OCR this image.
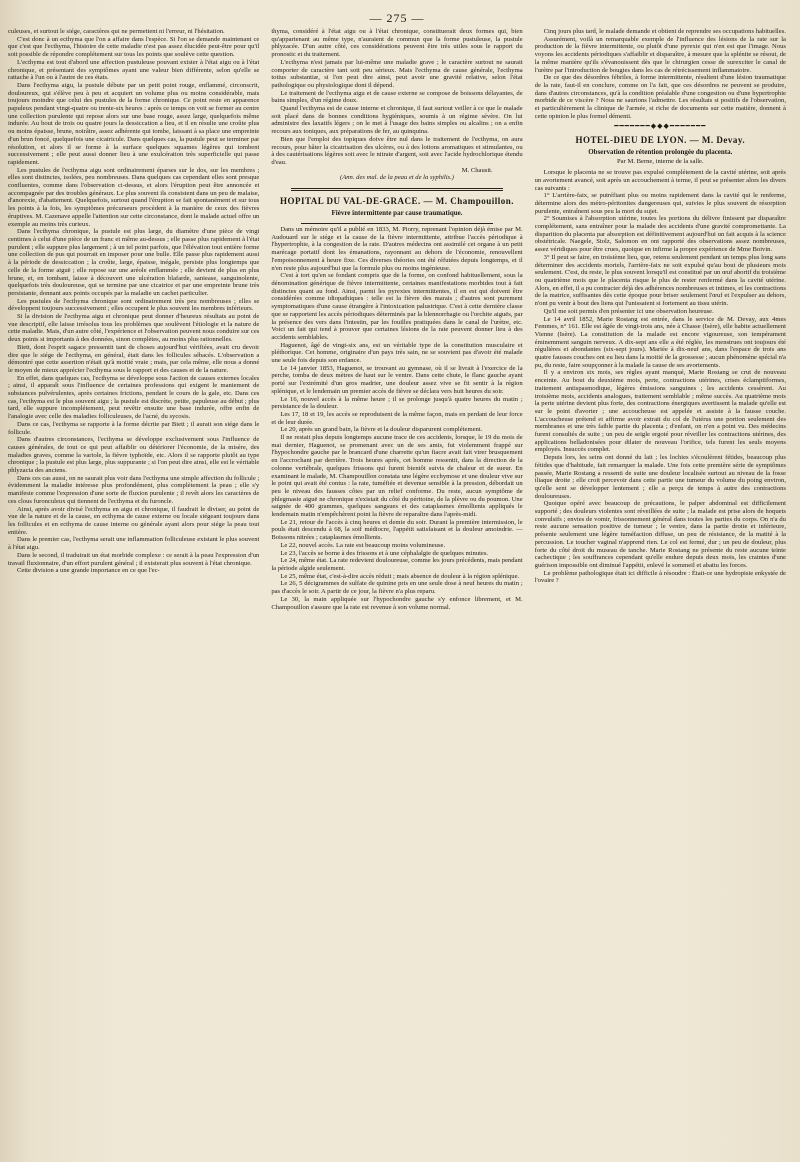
— 275 —

culeuses, et surtout le siége, caractères qui ne permettent ni l'erreur, ni l'hésitation.

C'est donc à un ecthyma que l'on a affaire dans l'espèce. Si l'on se demande maintenant ce que c'est que l'ecthyma, l'histoire de cette maladie n'est pas assez élucidée peut-être pour qu'il soit possible de répondre complétement sur tous les points que soulève cette question.

L'ecthyma est tout d'abord une affection pustuleuse pouvant exister à l'état aigu ou à l'état chronique, et présentant des symptômes ayant une valeur bien différente, selon qu'elle se rattache à l'un ou à l'autre de ces états.

Dans l'ecthyma aigu, la pustule débute par un petit point rouge, enflammé, circonscrit, douloureux, qui s'élève peu à peu et acquiert un volume plus ou moins considérable, mais toujours moindre que celui des pustules de la forme chronique. Ce point reste en apparence papuleux pendant vingt-quatre ou trente-six heures : après ce temps on voit se former au centre une collection purulente qui repose alors sur une base rouge, assez large, quelquefois même indurée. Au bout de trois ou quatre jours la dessiccation a lieu, et il en résulte une croûte plus ou moins épaisse, brune, noirâtre, assez adhérente qui tombe, laissant à sa place une empreinte d'un brun foncé, quelquefois une cicatricule. Dans quelques cas, la pustule peut se terminer par résolution, et alors il se forme à la surface quelques squames légères qui tombent successivement ; elle peut aussi donner lieu à une exulcération très superficielle qui passe rapidement.

Les pustules de l'ecthyma aigu sont ordinairement éparses sur le dos, sur les membres ; elles sont distinctes, isolées, peu nombreuses. Dans quelques cas cependant elles sont presque confluentes, comme dans l'observation ci-dessus, et alors l'éruption peut être annoncée et accompagnée par des troubles généraux. Le plus souvent ils consistent dans un peu de malaise, d'anorexie, d'abattement. Quelquefois, surtout quand l'éruption se fait spontanément et sur tous les points à la fois, les symptômes précurseurs procèdent à la manière de ceux des fièvres éruptives. M. Cazenave appelle l'attention sur cette circonstance, dont le malade actuel offre un exemple au moins très curieux.

Dans l'ecthyma chronique, la pustule est plus large, du diamètre d'une pièce de vingt centimes à celui d'une pièce de un franc et même au-dessus ; elle passe plus rapidement à l'état purulent ; elle suppure plus largement ; à un tel point parfois, que l'élévation tout entière forme une collection de pus qui pourrait en imposer pour une bulle. Elle passe plus rapidement aussi à la période de dessiccation ; la croûte, large, épaisse, inégale, persiste plus longtemps que celle de la forme aiguë ; elle repose sur une aréole enflammée ; elle devient de plus en plus brune, et, en tombant, laisse à découvert une ulcération blafarde, saniease, sanguinolente, quelquefois très douloureuse, qui se termine par une cicatrice et par une empreinte brune très persistante, donnant aux points occupés par la maladie un cachet particulier.

Les pustules de l'ecthyma chronique sont ordinairement très peu nombreuses ; elles se développent toujours successivement ; elles occupent le plus souvent les membres inférieurs.

Si la division de l'ecthyma aigu et chronique peut donner d'heureux résultats au point de vue descriptif, elle laisse irrésolus tous les problèmes que soulèvent l'étiologie et la nature de cette maladie. Mais, d'un autre côté, l'expérience et l'observation peuvent nous conduire sur ces deux points si importants à des données, sinon complètes, au moins plus rationnelles.

Biett, dont l'esprit sagace pressentit tant de choses aujourd'hui vérifiées, avait cru devoir dire que le siége de l'ecthyma, en général, était dans les follicules sébacés. L'observation a démontré que cette assertion n'était qu'à moitié vraie ; mais, par cela même, elle nous a donné le moyen de mieux apprécier l'ecthyma sous le rapport et des causes et de la nature.

En effet, dans quelques cas, l'ecthyma se développe sous l'action de causes externes locales ; ainsi, il apparaît sous l'influence de certaines professions qui exigent le maniement de substances pulvérulentes, après certaines frictions, pendant le cours de la gale, etc. Dans ces cas, l'ecthyma est le plus souvent aigu ; la pustule est discrète, petite, papuleuse au début ; plus tard, elle suppure incomplétement, peut revêtir ensuite une base indurée, offre enfin de l'analogie avec celle des maladies folliculeuses, de l'acné, du sycosis.

Dans ce cas, l'ecthyma se rapporte à la forme décrite par Biett ; il aurait son siége dans le follicule.

Dans d'autres circonstances, l'ecthyma se développe exclusivement sous l'influence de causes générales, de tout ce qui peut affaiblir ou détériorer l'économie, de la misère, des maladies graves, comme la variole, la fièvre typhoïde, etc. Alors il se rapporte plutôt au type chronique ; la pustule est plus large, plus suppurante ; si l'on peut dire ainsi, elle est le véritable phlyzacia des anciens.

Dans ces cas aussi, on ne saurait plus voir dans l'ecthyma une simple affection du follicule ; évidemment la maladie intéresse plus profondément, plus complètement la peau ; elle s'y manifeste comme l'expression d'une sorte de fluxion purulente ; il revêt alors les caractères de ces clous furonculeux qui tiennent de l'ecthyma et du furoncle.

Ainsi, après avoir divisé l'ecthyma en aigu et chronique, il faudrait le diviser, au point de vue de la nature et de la cause, en ecthyma de cause externe ou locale siégeant toujours dans les follicules et en ecthyma de cause interne ou générale ayant alors pour siége la peau tout entière.

Dans le premier cas, l'ecthyma serait une inflammation folliculeuse existant le plus souvent à l'état aigu.

Dans le second, il traduirait un état morbide complexe : ce serait à la peau l'expression d'un travail fluxionnaire, d'un effort purulent général ; il existerait plus souvent à l'état chronique.

Cette division a une grande importance en ce que l'ec-

thyma, considéré à l'état aigu ou à l'état chronique, constituerait deux formes qui, bien qu'appartenant au même type, n'auraient de commun que la forme pustuleuse, la pustule phlyzacée. D'un autre côté, ces considérations peuvent être très utiles sous le rapport du pronostic et du traitement.

L'ecthyma n'est jamais par lui-même une maladie grave ; le caractère surtout ne saurait comporter de caractère tant soit peu sérieux. Mais l'ecthyma de cause générale, l'ecthyma totius substantiæ, si l'on peut dire ainsi, peut avoir une gravité relative, selon l'état pathologique ou physiologique dont il dépend.

Le traitement de l'ecthyma aigu et de cause externe se compose de boissons délayantes, de bains simples, d'un régime doux.

Quand l'ecthyma est de cause interne et chronique, il faut surtout veiller à ce que le malade soit placé dans de bonnes conditions hygiéniques, soumis à un régime sévère. On lui administre des laxatifs légers ; on le met à l'usage des bains simples ou alcalins ; on a enfin recours aux toniques, aux préparations de fer, au quinquina.

Bien que l'emploi des topiques doive être nul dans le traitement de l'ecthyma, on aura recours, pour hâter la cicatrisation des ulcères, ou à des lotions aromatiques et stimulantes, ou à des cautérisations légères soit avec le nitrate d'argent, soit avec l'acide hydrochlorique étendu d'eau.

M. Chausit.
(Ann. des mal. de la peau et de la syphilis.)
HOPITAL DU VAL-DE-GRACE. — M. Champouillon.
Fièvre intermittente par cause traumatique.

Dans un mémoire qu'il a publié en 1833, M. Piorry, reprenant l'opinion déjà émise par M. Audouard sur le siége et la cause de la fièvre intermittente, attribue l'accès périodique à l'hypertrophie, à la congestion de la rate. D'autres médecins ont assimilé cet organe à un petit marécage portatif dont les émanations, rayonnant au dehors de l'économie, renouvellent l'empoisonnement à heure fixe. Ces diverses théories ont été réfutées depuis longtemps, et il n'en reste plus aujourd'hui que la formule plus ou moins ingénieuse.

C'est à tort qu'en se fondant compris que de la forme, on confond habituellement, sous la dénomination générique de fièvre intermittente, certaines manifestations morbides tout à fait distinctes quant au fond. Ainsi, parmi les pyrexies intermittentes, il en est qui doivent être considérées comme idiopathiques : telle est la fièvre des marais ; d'autres sont purement symptomatiques d'une cause étrangère à l'intoxication palustrique. C'est à cette dernière classe que se rapportent les accès périodiques déterminés par la blennorrhagie ou l'orchite aiguës, par la présence des vers dans l'intestin, par les fouilles pratiquées dans le canal de l'urètre, etc. Voici un fait qui tend à prouver que certaines lésions de la rate peuvent donner lieu à des accidents semblables.

Haguenot, âgé de vingt-six ans, est un véritable type de la constitution musculaire et pléthorique. Cet homme, originaire d'un pays très sain, ne se souvient pas d'avoir été malade une seule fois depuis son enfance.

Le 14 janvier 1853, Haguenot, se trouvant au gymnase, où il se livrait à l'exercice de la perche, tomba de deux mètres de haut sur le ventre. Dans cette chute, le flanc gauche ayant porté sur l'extrémité d'un gros madrier, une douleur assez vive se fit sentir à la région splénique, et le lendemain un premier accès de fièvre se déclara vers huit heures du soir.

Le 16, nouvel accès à la même heure ; il se prolonge jusqu'à quatre heures du matin ; persistance de la douleur.

Les 17, 18 et 19, les accès se reproduisent de la même façon, mais en perdant de leur force et de leur durée.

Le 20, après un grand bain, la fièvre et la douleur disparurent complétement.

Il ne restait plus depuis longtemps aucune trace de ces accidents, lorsque, le 19 du mois de mai dernier, Haguenot, se promenant avec un de ses amis, fut violemment frappé sur l'hypochondre gauche par le brancard d'une charrette qu'un fiacre avait fait virer brusquement en l'accrochant par derrière. Trois heures après, cet homme ressentit, dans la direction de la colonne vertébrale, quelques frissons qui furent bientôt suivis de chaleur et de sueur. En examinant le malade, M. Champouillon constata une légère ecchymose et une douleur vive sur le point qui avait été contus : la rate, tuméfiée et devenue sensible à la pression, débordait un peu le niveau des fausses côtes par un relief conforme. Du reste, aucun symptôme de phlegmasie aiguë ne chronique n'existait du côté du péritoine, de la plèvre ou du poumon. Une saignée de 400 grammes, quelques sangsues et des cataplasmes émollients appliqués le lendemain matin n'empêchèrent point la fièvre de reparaître dans l'après-midi.

Le 21, retour de l'accès à cinq heures et demie du soir. Durant la première intermission, le pouls était descendu à 68, la soif médiocre, l'appétit satisfaisant et la douleur amoindrie. — Boissons nitrées ; cataplasmes émollients.

Le 22, nouvel accès. La rate est beaucoup moins volumineuse.

Le 23, l'accès se borne à des frissons et à une céphalalgie de quelques minutes.

Le 24, même état. La rate redevient douloureuse, comme les jours précédents, mais pendant la période algide seulement.

Le 25, même état, c'est-à-dire accès réduit ; mais absence de douleur à la région splénique.

Le 26, 5 décigrammes de sulfate de quinine pris en une seule dose à neuf heures du matin ; pas d'accès le soir. A partir de ce jour, la fièvre n'a plus reparu.

Le 30, la main appliquée sur l'hypochondre gauche s'y enfonce librement, et M. Champouillon s'assure que la rate est revenue à son volume normal.

Cinq jours plus tard, le malade demande et obtient de reprendre ses occupations habituelles.

Assurément, voilà un remarquable exemple de l'influence des lésions de la rate sur la production de la fièvre intermittente, ou plutôt d'une pyrexie qui n'en est que l'image. Nous voyons les accidents périodiques s'affaiblir et disparaître, à mesure que la splénite se résout, de la même manière qu'ils s'évanouissent dès que le chirurgien cesse de surexciter le canal de l'urètre par l'introduction de bougies dans les cas de rétrécissement inflammatoire.

De ce que des désordres fébriles, à forme intermittente, résultent d'une lésion traumatique de la rate, faut-il en conclure, comme on l'a fait, que ces désordres ne peuvent se produire, dans d'autres circonstances, qu'à la condition préalable d'une congestion ou d'une hypertrophie morbide de ce viscère ? Nous ne saurions l'admettre. Les résultats si positifs de l'observation, et particulièrement la clinique de l'armée, si riche de documents sur cette matière, donnent à cette opinion le plus formel démenti.

━━━━━━━◆◆◆━━━━━━━
HOTEL-DIEU DE LYON. — M. Devay.
Observation de rétention prolongée du placenta.
Par M. Berne, interne de la salle.

Lorsque le placenta ne se trouve pas expulsé complétement de la cavité utérine, soit après un avortement avancé, soit après un accouchement à terme, il peut se présenter alors les divers cas suivants :

1° L'arrière-faix, se putréfiant plus ou moins rapidement dans la cavité qui le renferme, détermine alors des métro-péritonites dangereuses qui, suivies le plus souvent de résorption purulente, entraînent sous peu la mort du sujet.

2° Soumises à l'absorption utérine, toutes les portions du délivre finissent par disparaître complétement, sans entraîner pour la malade des accidents d'une gravité compromettante. La disparition du placenta par absorption est définitivement aujourd'hui un fait acquis à la science obstétricale. Naegele, Stolz, Salomon en ont rapporté des observations assez nombreuses, assez véridiques pour être crues, quoique en infirme la propre expérience de Mme Boivin.

3° Il peut se faire, en troisième lieu, que, retenu seulement pendant un temps plus long sans déterminer des accidents mortels, l'arrière-faix ne soit expulsé qu'au bout de plusieurs mois seulement. C'est, du reste, le plus souvent lorsqu'il est constitué par un œuf abortif du troisième ou quatrième mois que le placenta risque le plus de rester renfermé dans la cavité utérine. Alors, en effet, il a pu contracter déjà des adhérences nombreuses et intimes, et les contractions de la matrice, suffisantes dès cette époque pour briser seulement l'œuf et l'expulser au dehors, n'ont pu venir à bout des liens qui l'unissaient si fortement au tissu utérin.

Qu'il me soit permis d'en présenter ici une observation heureuse.

Le 14 avril 1852, Marie Rostang est entrée, dans le service de M. Devay, aux 4mes Femmes, n° 161. Elle est âgée de vingt-trois ans, née à Chasse (Isère), elle habite actuellement Vienne (Isère). La constitution de la malade est encore vigoureuse, son tempérament éminemment sanguin nerveux. A dix-sept ans elle a été réglée, les menstrues ont toujours été régulières et abondantes (six-sept jours). Mariée à dix-neuf ans, dans l'espace de trois ans quatre fausses couches ont eu lieu dans la moitié de la grossesse ; aucun phénomène spécial n'a pu, du reste, faire soupçonner à la malade la cause de ses avortements.

Il y a environ six mois, ses règles ayant manqué, Marie Rostang se crut de nouveau enceinte. Au bout du deuxième mois, perte, contractions utérines, crises éclamptiformes, traitement antispasmodique, légères émissions sanguines ; les accidents cessèrent. Au troisième mois, accidents analogues, traitement semblable ; même succès. Au quatrième mois la perte utérine devient plus forte, des contractions énergiques avertissent la malade qu'elle est sur le point d'avorter ; une accoucheuse est appelée et assiste à la fausse couche. L'accoucheuse prétend et affirme avoir extrait du col de l'utérus une portion seulement des membranes et une très faible partie du placenta ; d'enfant, on n'en a point vu. Des médecins furent consultés de suite ; un peu de seigle ergoté pour réveiller les contractions utérines, des applications belladonisées pour dilater de nouveau l'orifice, tels furent les seuls moyens employés. Insuccès complet.

Depuis lors, les seins ont donné du lait ; les lochies s'écoulèrent fétides, beaucoup plus fétides que d'habitude, fait remarquer la malade. Une fois cette première série de symptômes passée, Marie Rostang a ressenti de suite une douleur localisée surtout au niveau de la fosse iliaque droite ; elle croit percevoir dans cette partie une tumeur du volume du poing environ, qu'elle sent se développer lentement ; elle a perçu de temps à autre des contractions douloureuses.

Quoique opéré avec beaucoup de précautions, le palper abdominal est difficilement supporté ; des douleurs violentes sont réveillées de suite ; la malade est prise alors de hoquets convulsifs ; envies de vomir, frissonnement général dans toutes les parties du corps. On n'a du reste aucune sensation positive de tumeur ; le ventre, dans la partie droite et inférieure, présente seulement une légère tuméfaction diffuse, un peu de résistance, de la matité à la percussion. Le toucher vaginal n'apprend rien. Le col est fermé, dur ; un peu de douleur, plus forte du côté droit du museau de tanche. Marie Rostang ne présente du reste aucune teinte cachectique ; les souffrances cependant qu'elle endure depuis deux mois, les craintes d'une guérison impossible ont diminué l'appétit, enlevé le sommeil et abattu les forces.

Le problème pathologique était ici difficile à résoudre : Était-ce une hydropisie enkystée de l'ovaire ?
